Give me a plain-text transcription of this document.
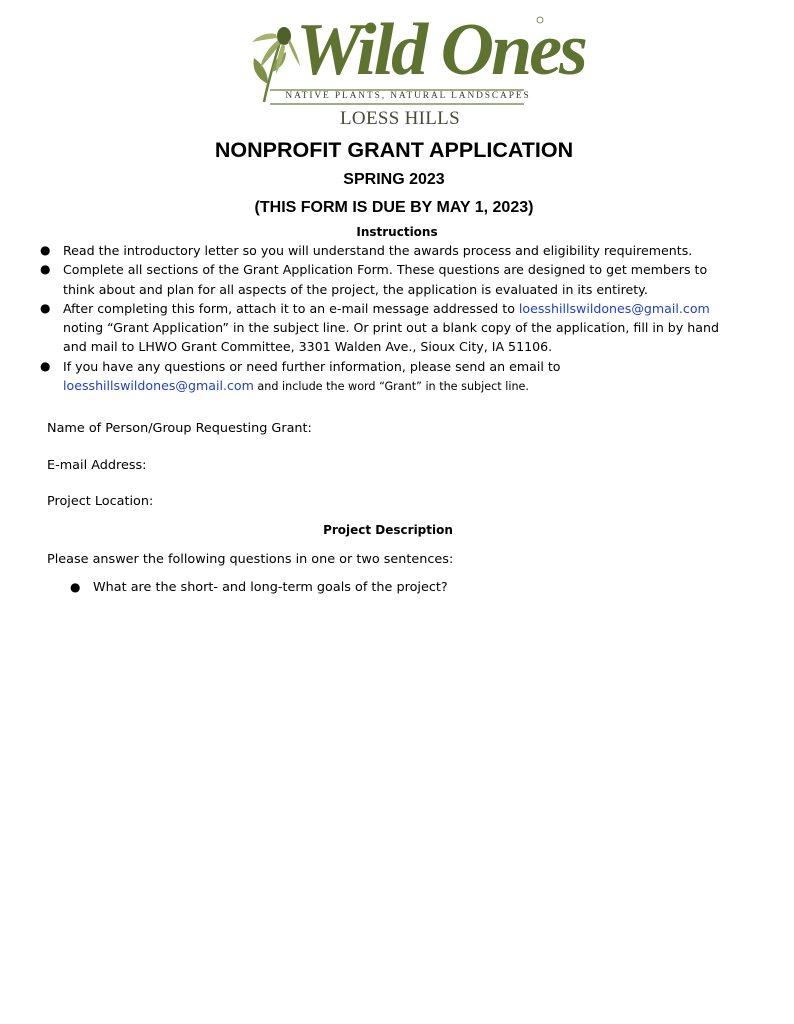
Wild Ones
NATIVE PLANTS, NATURAL LANDSCAPES
LOESS HILLS
NONPROFIT GRANT APPLICATION
SPRING 2023
(THIS FORM IS DUE BY MAY 1, 2023)
Instructions
● Read the introductory letter so you will understand the awards process and eligibility requirements.
● Complete all sections of the Grant Application Form. These questions are designed to get members to think about and plan for all aspects of the project, the application is evaluated in its entirety.
● After completing this form, attach it to an e-mail message addressed to loesshillswildones@gmail.com noting “Grant Application” in the subject line. Or print out a blank copy of the application, fill in by hand and mail to LHWO Grant Committee, 3301 Walden Ave., Sioux City, IA 51106.
● If you have any questions or need further information, please send an email to loesshillswildones@gmail.com and include the word “Grant” in the subject line.
Name of Person/Group Requesting Grant:
E-mail Address:
Project Location:
Project Description
Please answer the following questions in one or two sentences:
● What are the short- and long-term goals of the project?
